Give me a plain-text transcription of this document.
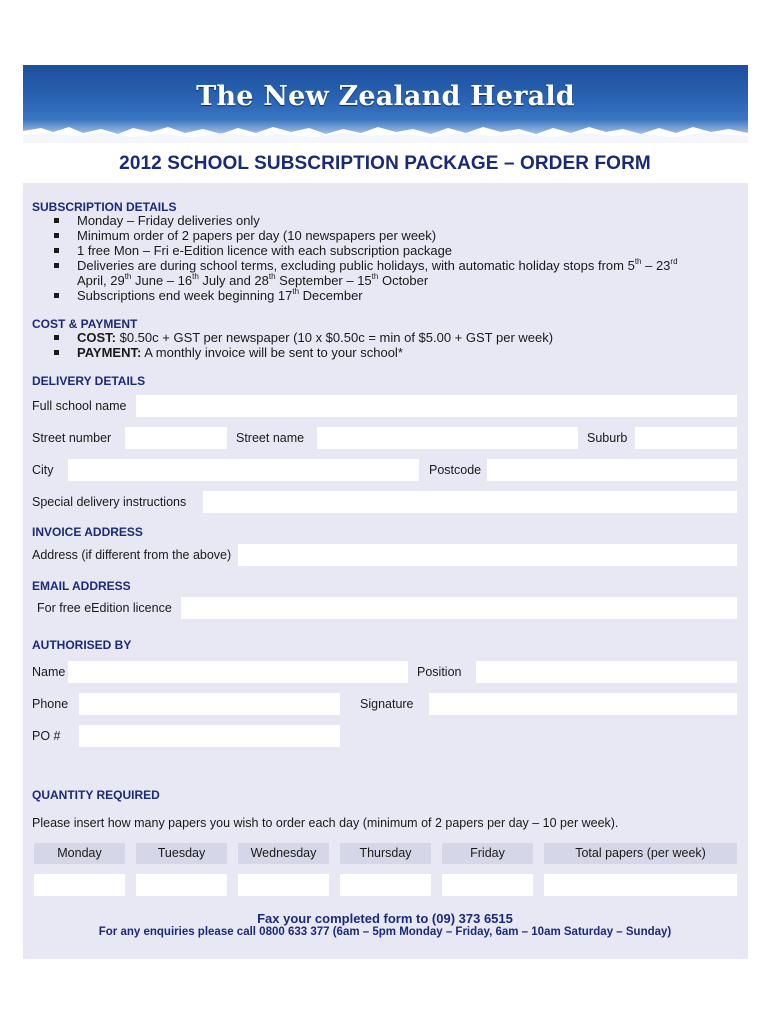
The New Zealand Herald
2012 SCHOOL SUBSCRIPTION PACKAGE – ORDER FORM
SUBSCRIPTION DETAILS
Monday – Friday deliveries only
Minimum order of 2 papers per day (10 newspapers per week)
1 free Mon – Fri e-Edition licence with each subscription package
Deliveries are during school terms, excluding public holidays, with automatic holiday stops from 5th – 23rd
April, 29th June – 16th July and 28th September – 15th October
Subscriptions end week beginning 17th December
COST & PAYMENT
COST: $0.50c + GST per newspaper (10 x $0.50c = min of $5.00 + GST per week)
PAYMENT: A monthly invoice will be sent to your school*
DELIVERY DETAILS
Full school name
Street number	Street name	Suburb
City	Postcode
Special delivery instructions
INVOICE ADDRESS
Address (if different from the above)
EMAIL ADDRESS
For free eEdition licence
AUTHORISED BY
Name	Position
Phone	Signature
PO #
QUANTITY REQUIRED
Please insert how many papers you wish to order each day (minimum of 2 papers per day – 10 per week).
Monday	Tuesday	Wednesday	Thursday	Friday	Total papers (per week)
Fax your completed form to (09) 373 6515
For any enquiries please call 0800 633 377 (6am – 5pm Monday – Friday, 6am – 10am Saturday – Sunday)
